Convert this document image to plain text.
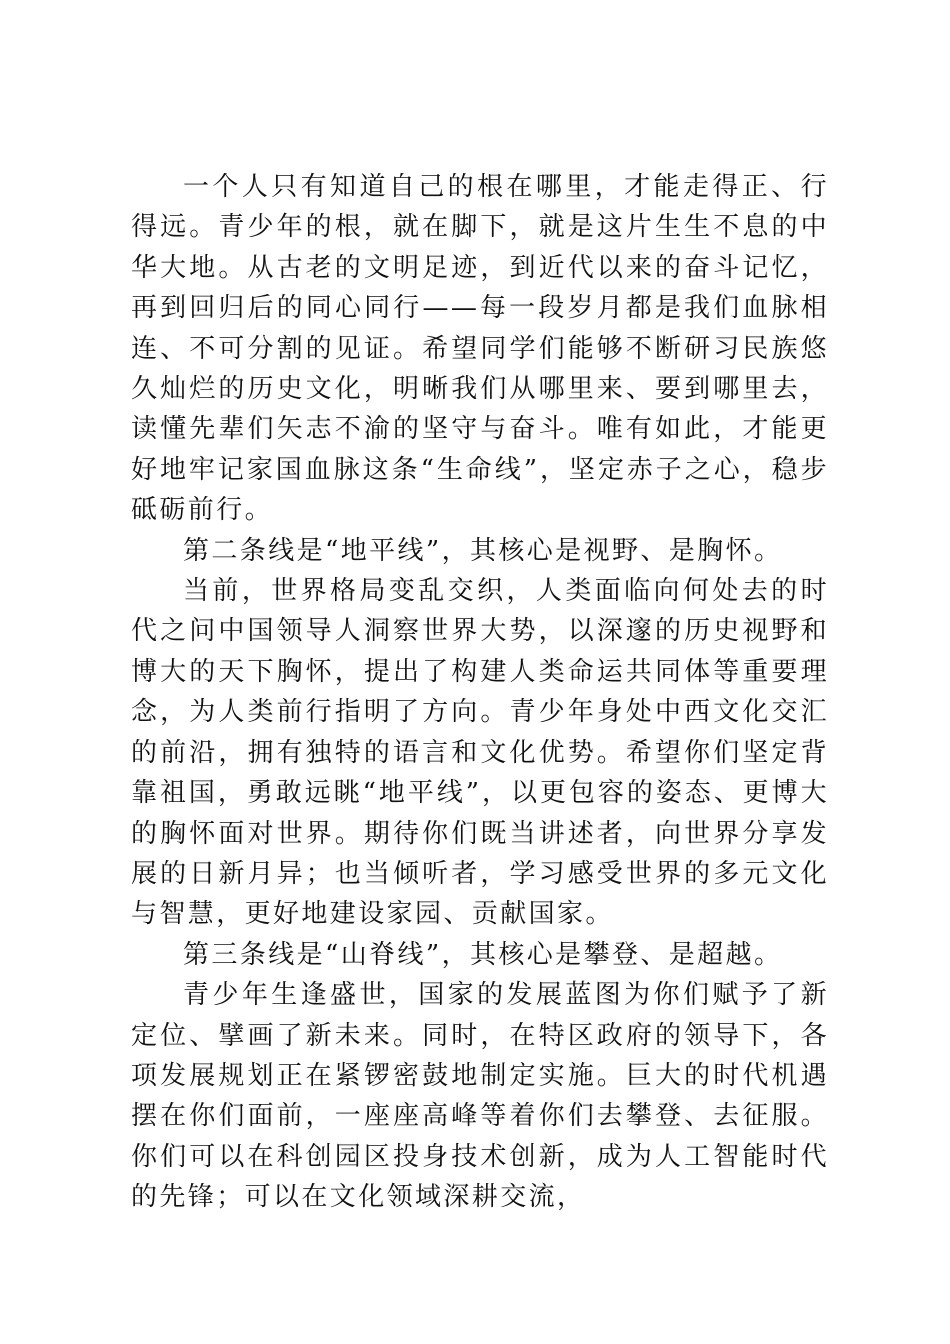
一个人只有知道自己的根在哪里，才能走得正、行得远。青少年的根，就在脚下，就是这片生生不息的中华大地。从古老的文明足迹，到近代以来的奋斗记忆，再到回归后的同心同行——每一段岁月都是我们血脉相连、不可分割的见证。希望同学们能够不断研习民族悠久灿烂的历史文化，明晰我们从哪里来、要到哪里去，读懂先辈们矢志不渝的坚守与奋斗。唯有如此，才能更好地牢记家国血脉这条“生命线”，坚定赤子之心，稳步砥砺前行。

第二条线是“地平线”，其核心是视野、是胸怀。

当前，世界格局变乱交织，人类面临向何处去的时代之问中国领导人洞察世界大势，以深邃的历史视野和博大的天下胸怀，提出了构建人类命运共同体等重要理念，为人类前行指明了方向。青少年身处中西文化交汇的前沿，拥有独特的语言和文化优势。希望你们坚定背靠祖国，勇敢远眺“地平线”，以更包容的姿态、更博大的胸怀面对世界。期待你们既当讲述者，向世界分享发展的日新月异；也当倾听者，学习感受世界的多元文化与智慧，更好地建设家园、贡献国家。

第三条线是“山脊线”，其核心是攀登、是超越。

青少年生逢盛世，国家的发展蓝图为你们赋予了新定位、擘画了新未来。同时，在特区政府的领导下，各项发展规划正在紧锣密鼓地制定实施。巨大的时代机遇摆在你们面前，一座座高峰等着你们去攀登、去征服。你们可以在科创园区投身技术创新，成为人工智能时代的先锋；可以在文化领域深耕交流，
